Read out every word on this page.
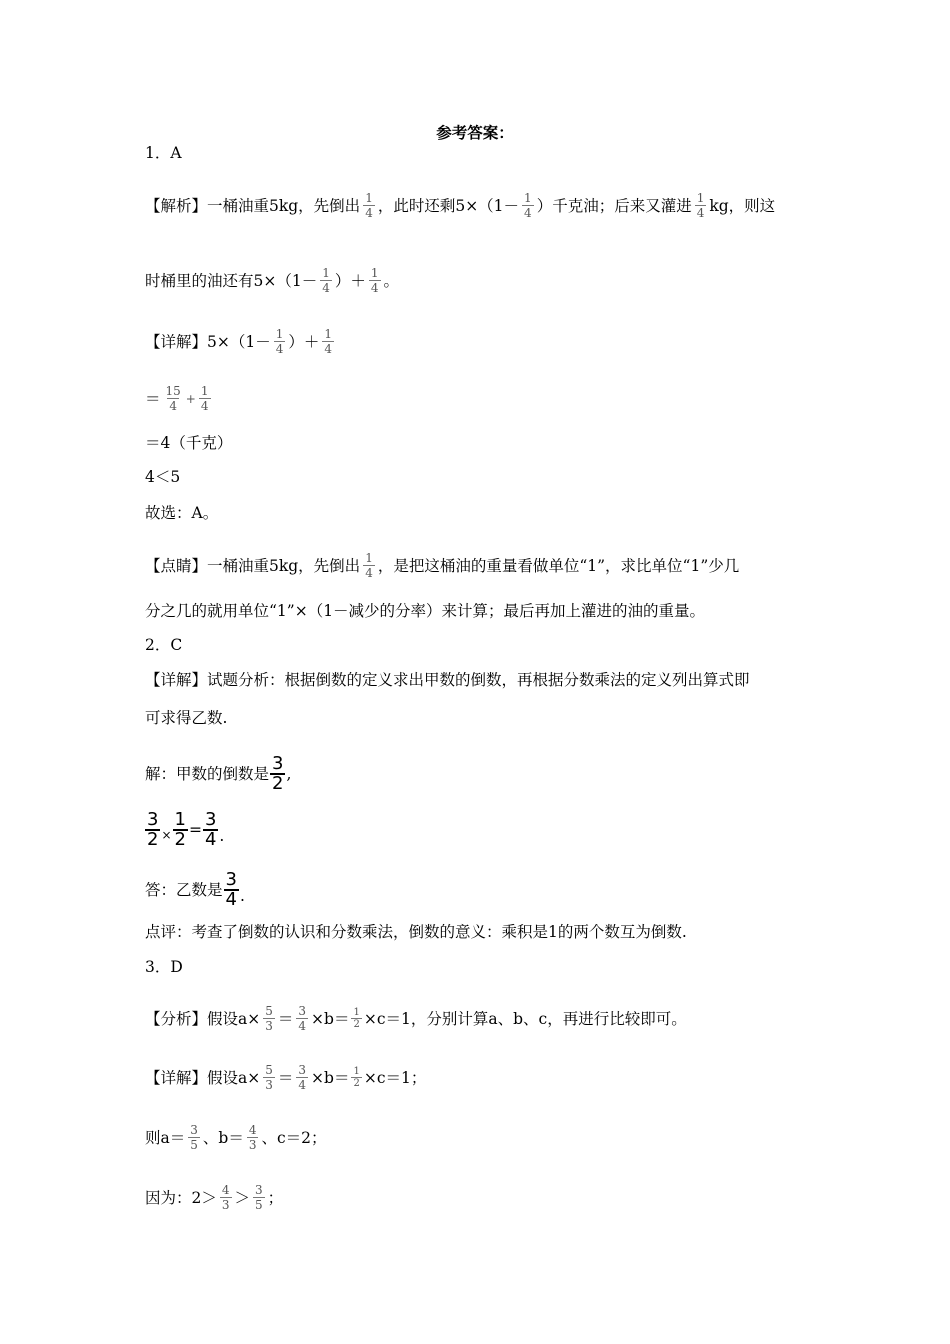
参考答案：
1．A
【解析】一桶油重5kg，先倒出 $\frac{1}{4}$ ，此时还剩$5\times(1- \frac{1}{4}$ ）千克油；后来又灌进 $\frac{1}{4}$ kg，则这
时桶里的油还有$5\times(1- \frac{1}{4}$ ）＋ $\frac{1}{4}$ 。
【详解】$5\times(1- \frac{1}{4}$ ）＋ $\frac{1}{4}$
＝ $\frac{15}{4} + \frac{1}{4}$
＝4（千克）
4＜5
故选：A。
【点睛】一桶油重5kg，先倒出 $\frac{1}{4}$ ，是把这桶油的重量看做单位“1”，求比单位“1”少几
分之几的就用单位“1”×（1－减少的分率）来计算；最后再加上灌进的油的重量。
2．C
【详解】试题分析：根据倒数的定义求出甲数的倒数，再根据分数乘法的定义列出算式即
可求得乙数.
解：甲数的倒数是 $\frac{3}{2}$ ,
$\frac{3}{2} \times \frac{1}{2} = \frac{3}{4}$ .
答：乙数是 $\frac{3}{4}$ .
点评：考查了倒数的认识和分数乘法，倒数的意义：乘积是1的两个数互为倒数.
3．D
【分析】假设$a\times \frac{5}{3} = \frac{3}{4} \times b= \frac{1}{2} \times c=1$，分别计算a、b、c，再进行比较即可。
【详解】假设$a\times \frac{5}{3} = \frac{3}{4} \times b= \frac{1}{2} \times c=1$；
则$a= \frac{3}{5}$ 、$b= \frac{4}{3}$ 、c＝2；
因为：$2> \frac{4}{3} > \frac{3}{5}$ ；
